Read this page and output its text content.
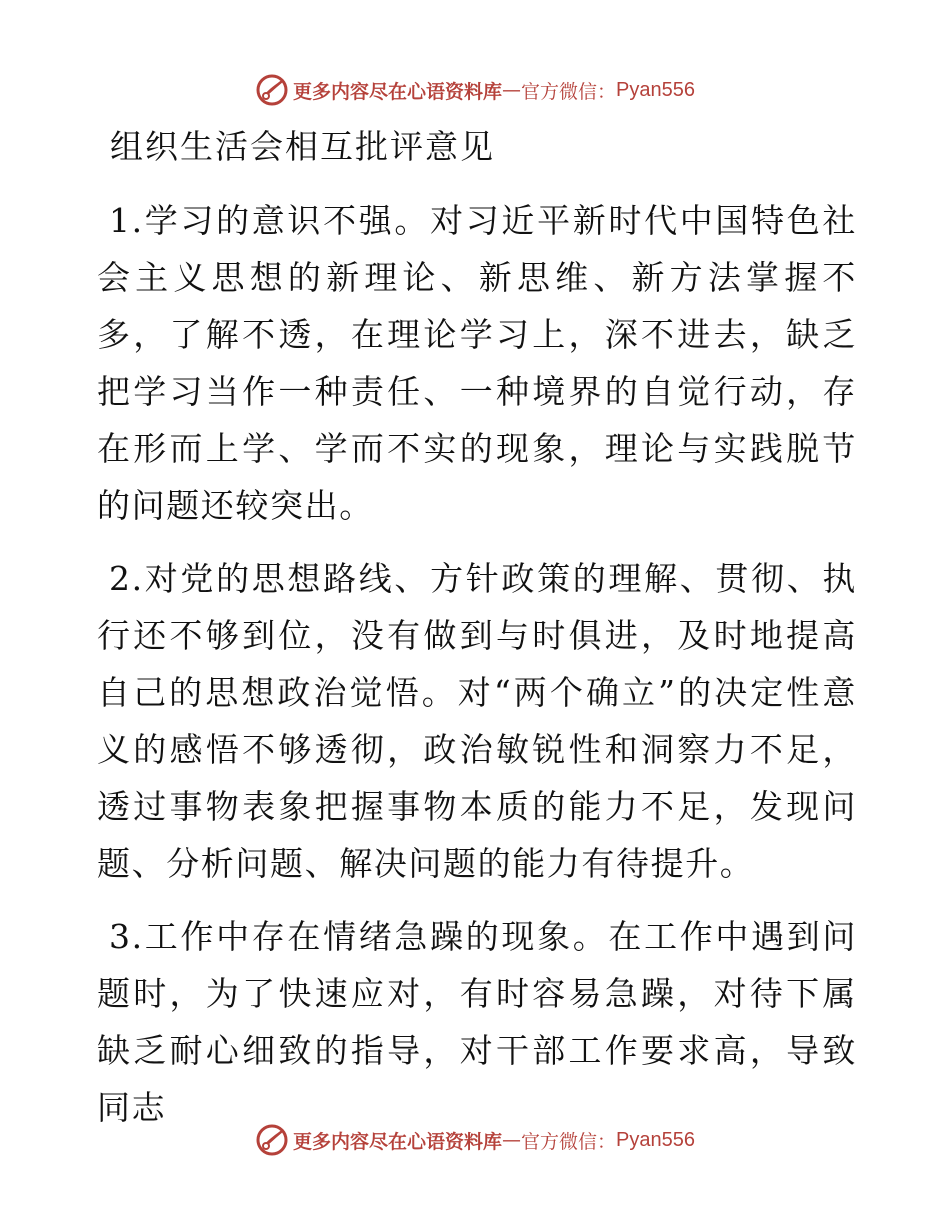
更多内容尽在心语资料库 — 官方微信： Pyan556
组织生活会相互批评意见

1.学习的意识不强。对习近平新时代中国特色社会主义思想的新理论、新思维、新方法掌握不多，了解不透，在理论学习上，深不进去，缺乏把学习当作一种责任、一种境界的自觉行动，存在形而上学、学而不实的现象，理论与实践脱节的问题还较突出。

2.对党的思想路线、方针政策的理解、贯彻、执行还不够到位，没有做到与时俱进，及时地提高自己的思想政治觉悟。对“两个确立”的决定性意义的感悟不够透彻，政治敏锐性和洞察力不足，透过事物表象把握事物本质的能力不足，发现问题、分析问题、解决问题的能力有待提升。

3.工作中存在情绪急躁的现象。在工作中遇到问题时，为了快速应对，有时容易急躁，对待下属缺乏耐心细致的指导，对干部工作要求高，导致同志

更多内容尽在心语资料库 — 官方微信： Pyan556
